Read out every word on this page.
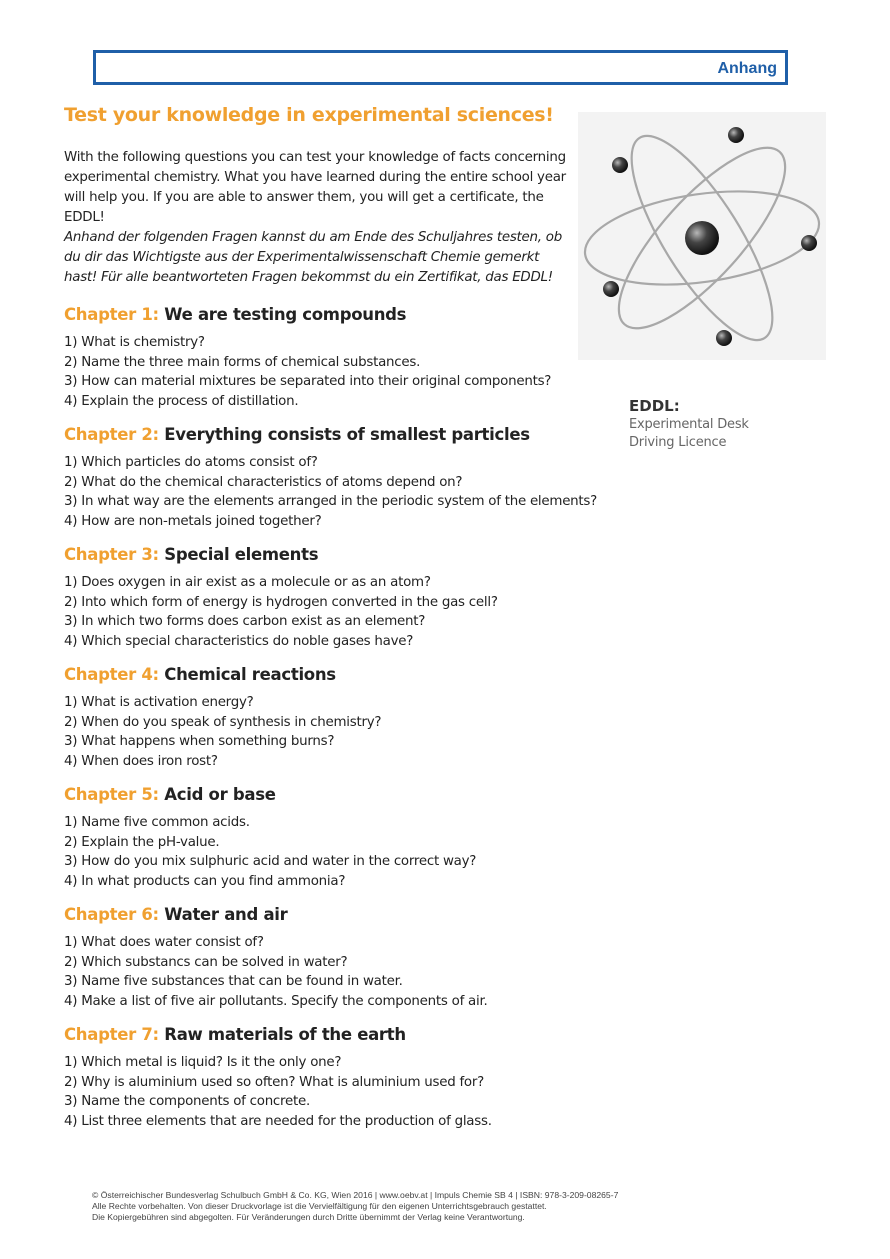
Anhang
Test your knowledge in experimental sciences!

With the following questions you can test your knowledge of facts concerning experimental chemistry. What you have learned during the entire school year will help you. If you are able to answer them, you will get a certificate, the EDDL!

Anhand der folgenden Fragen kannst du am Ende des Schuljahres testen, ob du dir das Wichtigste aus der Experimentalwissenschaft Chemie gemerkt hast! Für alle beantworteten Fragen bekommst du ein Zertifikat, das EDDL!

EDDL:

Experimental Desk

Driving Licence

Chapter 1: We are testing compounds

1) What is chemistry?

2) Name the three main forms of chemical substances.

3) How can material mixtures be separated into their original components?

4) Explain the process of distillation.

Chapter 2: Everything consists of smallest particles

1) Which particles do atoms consist of?

2) What do the chemical characteristics of atoms depend on?

3) In what way are the elements arranged in the periodic system of the elements?

4) How are non-metals joined together?

Chapter 3: Special elements

1) Does oxygen in air exist as a molecule or as an atom?

2) Into which form of energy is hydrogen converted in the gas cell?

3) In which two forms does carbon exist as an element?

4) Which special characteristics do noble gases have?

Chapter 4: Chemical reactions

1) What is activation energy?

2) When do you speak of synthesis in chemistry?

3) What happens when something burns?

4) When does iron rost?

Chapter 5: Acid or base

1) Name five common acids.

2) Explain the pH-value.

3) How do you mix sulphuric acid and water in the correct way?

4) In what products can you find ammonia?

Chapter 6: Water and air

1) What does water consist of?

2) Which substancs can be solved in water?

3) Name five substances that can be found in water.

4) Make a list of five air pollutants. Specify the components of air.

Chapter 7: Raw materials of the earth

1) Which metal is liquid? Is it the only one?

2) Why is aluminium used so often? What is aluminium used for?

3) Name the components of concrete.

4) List three elements that are needed for the production of glass.

© Österreichischer Bundesverlag Schulbuch GmbH & Co. KG, Wien 2016 | www.oebv.at | Impuls Chemie SB 4 | ISBN: 978-3-209-08265-7

Alle Rechte vorbehalten. Von dieser Druckvorlage ist die Vervielfältigung für den eigenen Unterrichtsgebrauch gestattet.

Die Kopiergebühren sind abgegolten. Für Veränderungen durch Dritte übernimmt der Verlag keine Verantwortung.
